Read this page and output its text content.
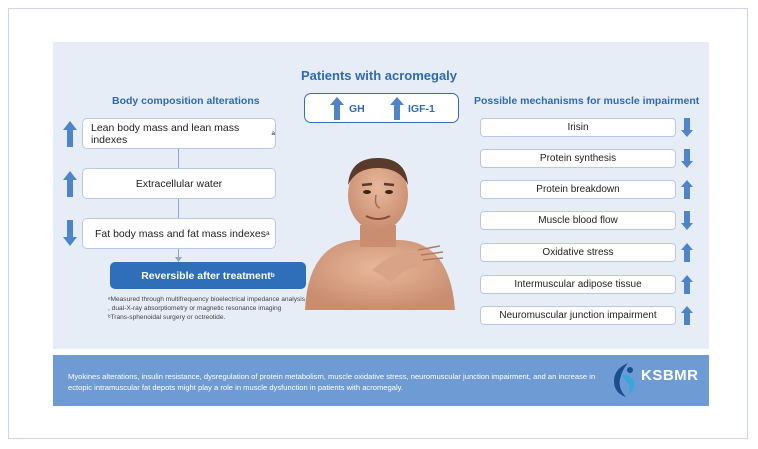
Patients with acromegaly
Body composition alterations	Possible mechanisms for muscle impairment
GH	IGF-1
Lean body mass and lean mass indexes	a
Extracellular water
Fat body mass and fat mass indexes a
Reversible after treatment b
ᵃMeasured through multifrequency bioelectrical impedance analysis
, dual-X-ray absorptiometry or magnetic resonance imaging
ᵇTrans-sphenoidal surgery or octreotide.
Irisin
Protein synthesis
Protein breakdown
Muscle blood flow
Oxidative stress
Intermuscular adipose tissue
Neuromuscular junction impairment
Myokines alterations, insulin resistance, dysregulation of protein metabolism, muscle oxidative stress, neuromuscular junction impairment, and an increase in ectopic intramuscular fat depots might play a role in muscle dysfunction in patients with acromegaly.
KSBMR
